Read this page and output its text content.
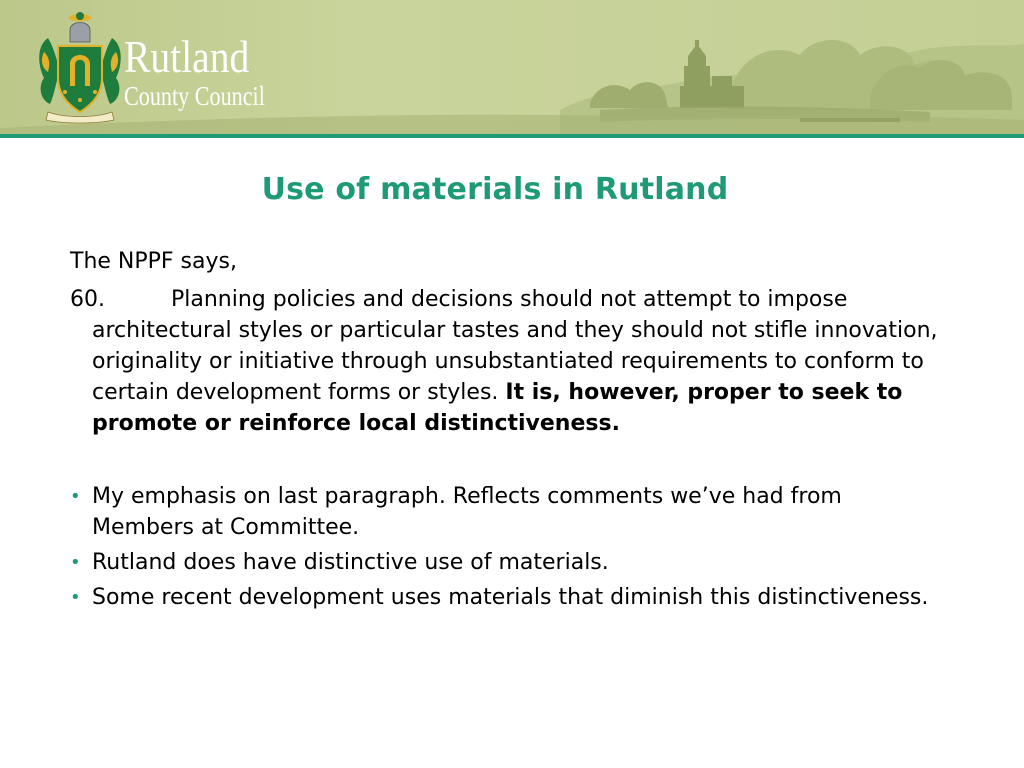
Rutland
County Council
Use of materials in Rutland

The NPPF says,

60.	Planning policies and decisions should not attempt to impose architectural styles or particular tastes and they should not stifle innovation, originality or initiative through unsubstantiated requirements to conform to certain development forms or styles. It is, however, proper to seek to promote or reinforce local distinctiveness.

• My emphasis on last paragraph. Reflects comments we’ve had from Members at Committee.
• Rutland does have distinctive use of materials.
• Some recent development uses materials that diminish this distinctiveness.
